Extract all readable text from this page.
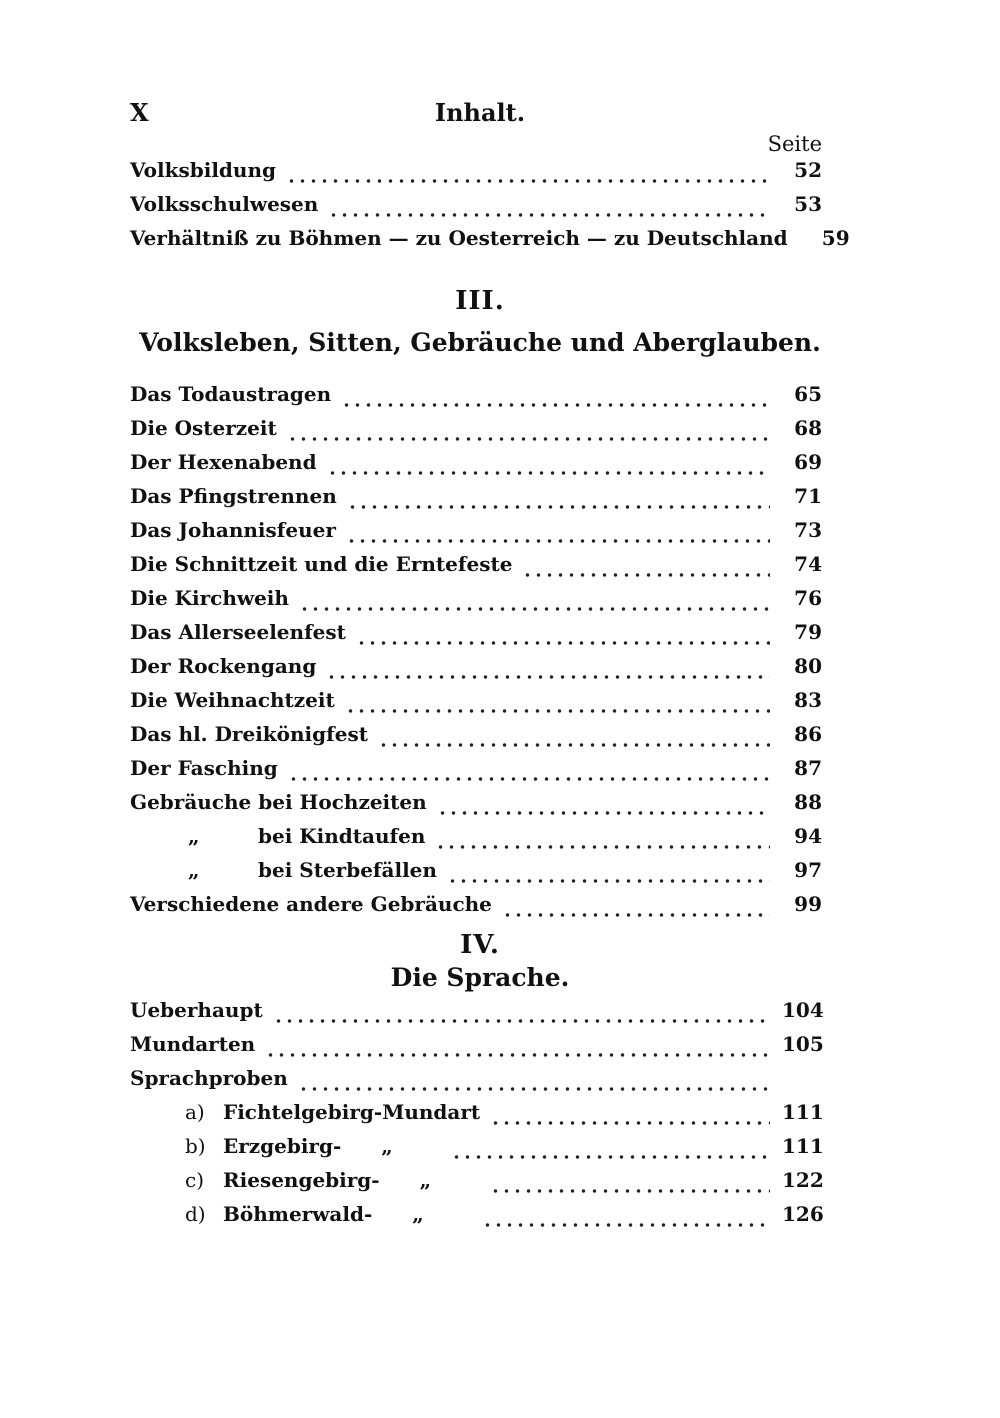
X	Inhalt.
Seite
Volksbildung	52
Volksschulwesen	53
Verhältniß zu Böhmen — zu Oesterreich — zu Deutschland	59
III.
Volksleben, Sitten, Gebräuche und Aberglauben.
Das Todaustragen	65
Die Osterzeit	68
Der Hexenabend	69
Das Pfingstrennen	71
Das Johannisfeuer	73
Die Schnittzeit und die Erntefeste	74
Die Kirchweih	76
Das Allerseelenfest	79
Der Rockengang	80
Die Weihnachtzeit	83
Das hl. Dreikönigfest	86
Der Fasching	87
Gebräuche bei Hochzeiten	88
„	bei Kindtaufen	94
„	bei Sterbefällen	97
Verschiedene andere Gebräuche	99
IV.
Die Sprache.
Ueberhaupt	104
Mundarten	105
Sprachproben
a) Fichtelgebirg-Mundart	111
b) Erzgebirg- „	111
c) Riesengebirg- „	122
d) Böhmerwald- „	126
